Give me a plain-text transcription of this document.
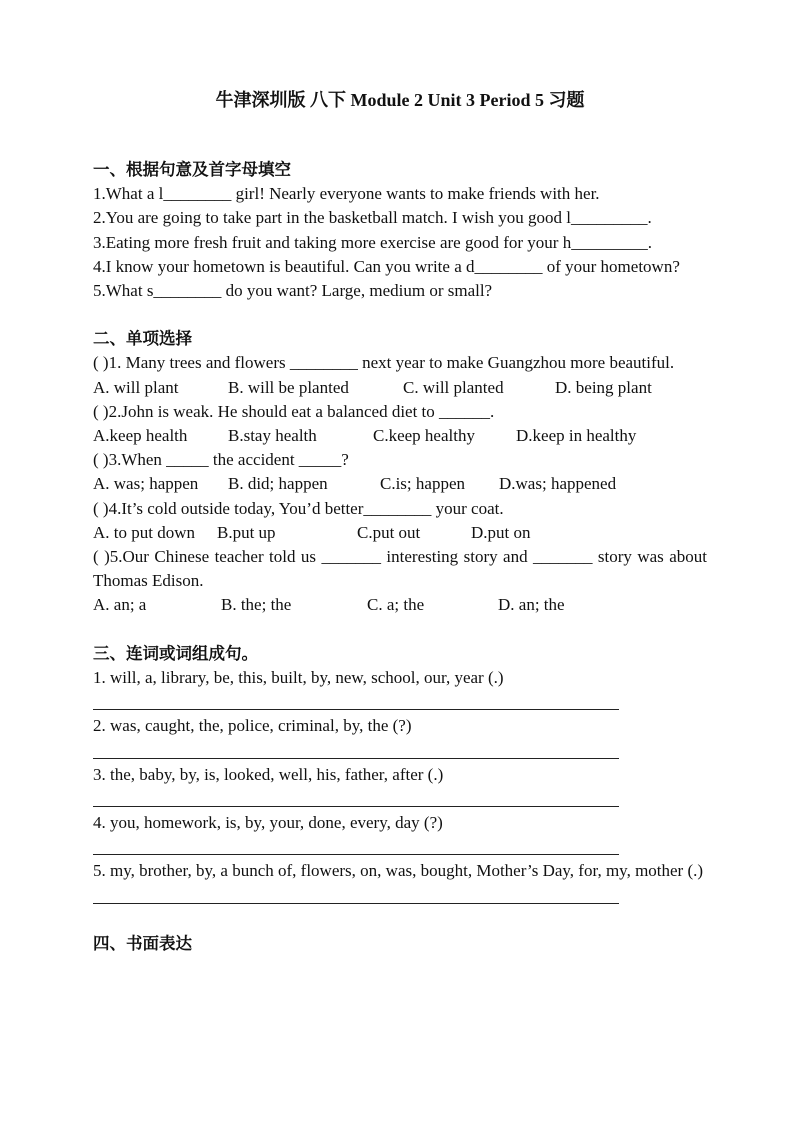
牛津深圳版 八下 Module 2 Unit 3 Period 5 习题
一、根据句意及首字母填空

1.What a l________ girl! Nearly everyone wants to make friends with her.

2.You are going to take part in the basketball match. I wish you good l_________.

3.Eating more fresh fruit and taking more exercise are good for your h_________.

4.I know your hometown is beautiful. Can you write a d________ of your hometown?

5.What s________ do you want? Large, medium or small?

二、单项选择

( )1. Many trees and flowers ________ next year to make Guangzhou more beautiful.

A. will plant	B. will be planted	C. will planted	D. being plant

( )2.John is weak. He should eat a balanced diet to ______.

A.keep health B.stay health	C.keep healthy D.keep in healthy

( )3.When _____ the accident _____?

A. was; happen B. did; happen	C.is; happen D.was; happened

( )4.It’s cold outside today, You’d better________ your coat.

A. to put down B.put up	C.put out	D.put on

( )5.Our Chinese teacher told us _______ interesting story and _______ story was about Thomas Edison.

A. an; a	B. the; the	C. a; the	D. an; the
三、连词或词组成句。

1. will, a, library, be, this, built, by, new, school, our, year (.)

2. was, caught, the, police, criminal, by, the (?)

3. the, baby, by, is, looked, well, his, father, after (.)

4. you, homework, is, by, your, done, every, day (?)

5. my, brother, by, a bunch of, flowers, on, was, bought, Mother’s Day, for, my, mother (.)

四、书面表达
